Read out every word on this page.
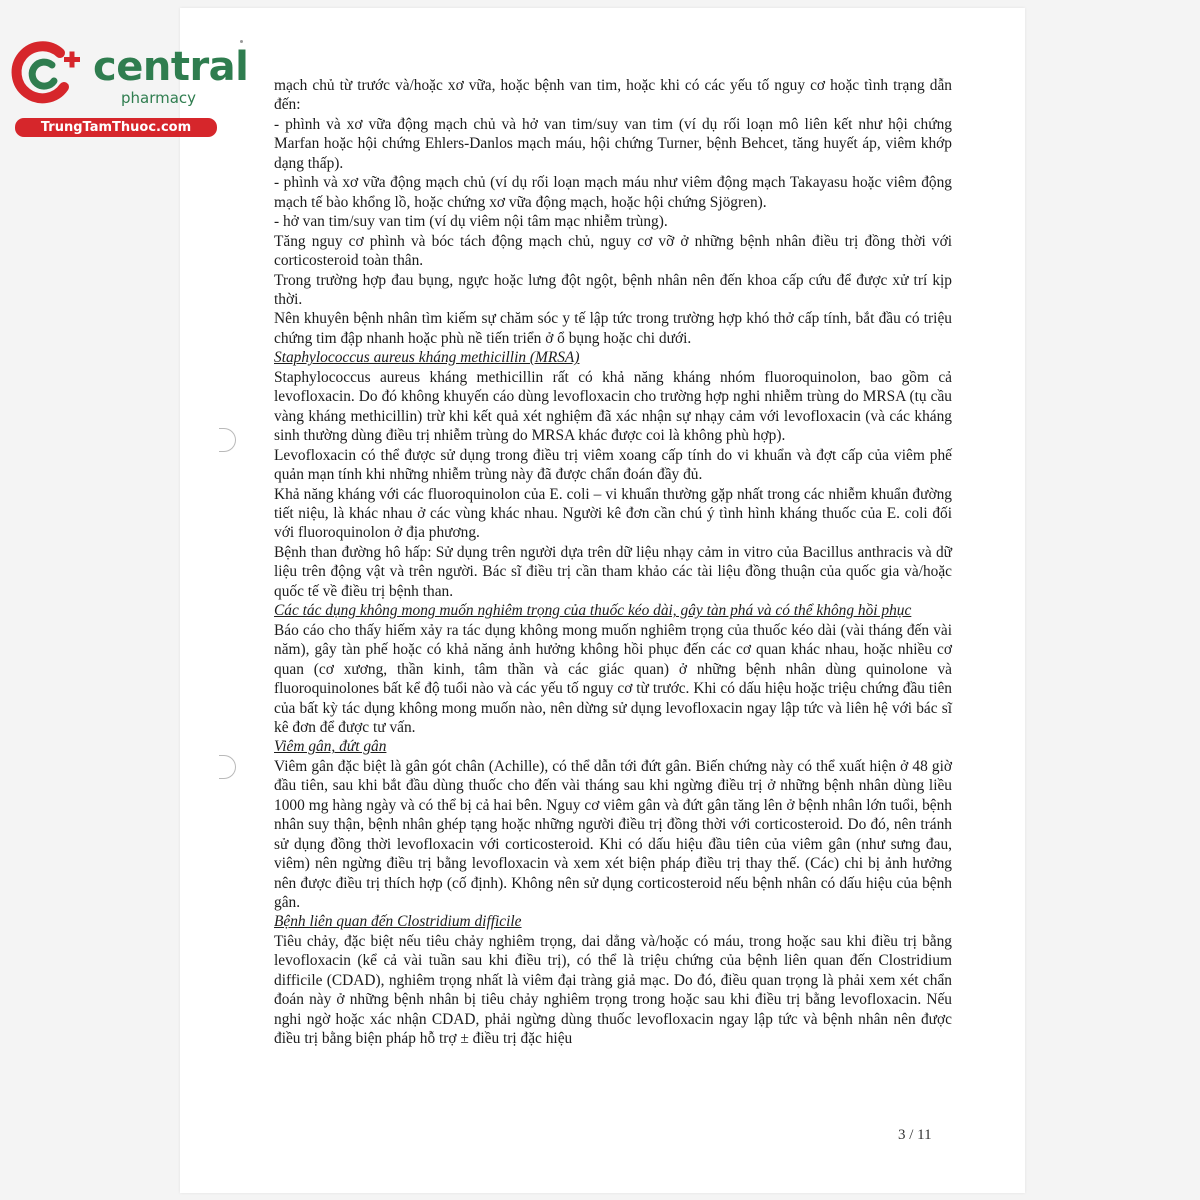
central
pharmacy
TrungTamThuoc.com

mạch chủ từ trước và/hoặc xơ vữa, hoặc bệnh van tim, hoặc khi có các yếu tố nguy cơ hoặc tình trạng dẫn đến:

- phình và xơ vữa động mạch chủ và hở van tim/suy van tim (ví dụ rối loạn mô liên kết như hội chứng Marfan hoặc hội chứng Ehlers-Danlos mạch máu, hội chứng Turner, bệnh Behcet, tăng huyết áp, viêm khớp dạng thấp).

- phình và xơ vữa động mạch chủ (ví dụ rối loạn mạch máu như viêm động mạch Takayasu hoặc viêm động mạch tế bào khổng lồ, hoặc chứng xơ vữa động mạch, hoặc hội chứng Sjögren).

- hở van tim/suy van tim (ví dụ viêm nội tâm mạc nhiễm trùng).

Tăng nguy cơ phình và bóc tách động mạch chủ, nguy cơ vỡ ở những bệnh nhân điều trị đồng thời với corticosteroid toàn thân.

Trong trường hợp đau bụng, ngực hoặc lưng đột ngột, bệnh nhân nên đến khoa cấp cứu để được xử trí kịp thời.

Nên khuyên bệnh nhân tìm kiếm sự chăm sóc y tế lập tức trong trường hợp khó thở cấp tính, bắt đầu có triệu chứng tim đập nhanh hoặc phù nề tiến triển ở ổ bụng hoặc chi dưới.

Staphylococcus aureus kháng methicillin (MRSA)

Staphylococcus aureus kháng methicillin rất có khả năng kháng nhóm fluoroquinolon, bao gồm cả levofloxacin. Do đó không khuyến cáo dùng levofloxacin cho trường hợp nghi nhiễm trùng do MRSA (tụ cầu vàng kháng methicillin) trừ khi kết quả xét nghiệm đã xác nhận sự nhạy cảm với levofloxacin (và các kháng sinh thường dùng điều trị nhiễm trùng do MRSA khác được coi là không phù hợp).

Levofloxacin có thể được sử dụng trong điều trị viêm xoang cấp tính do vi khuẩn và đợt cấp của viêm phế quản mạn tính khi những nhiễm trùng này đã được chẩn đoán đầy đủ.

Khả năng kháng với các fluoroquinolon của E. coli – vi khuẩn thường gặp nhất trong các nhiễm khuẩn đường tiết niệu, là khác nhau ở các vùng khác nhau. Người kê đơn cần chú ý tình hình kháng thuốc của E. coli đối với fluoroquinolon ở địa phương.

Bệnh than đường hô hấp: Sử dụng trên người dựa trên dữ liệu nhạy cảm in vitro của Bacillus anthracis và dữ liệu trên động vật và trên người. Bác sĩ điều trị cần tham khảo các tài liệu đồng thuận của quốc gia và/hoặc quốc tế về điều trị bệnh than.

Các tác dụng không mong muốn nghiêm trọng của thuốc kéo dài, gây tàn phá và có thể không hồi phục

Báo cáo cho thấy hiếm xảy ra tác dụng không mong muốn nghiêm trọng của thuốc kéo dài (vài tháng đến vài năm), gây tàn phế hoặc có khả năng ảnh hưởng không hồi phục đến các cơ quan khác nhau, hoặc nhiều cơ quan (cơ xương, thần kinh, tâm thần và các giác quan) ở những bệnh nhân dùng quinolone và fluoroquinolones bất kể độ tuổi nào và các yếu tố nguy cơ từ trước. Khi có dấu hiệu hoặc triệu chứng đầu tiên của bất kỳ tác dụng không mong muốn nào, nên dừng sử dụng levofloxacin ngay lập tức và liên hệ với bác sĩ kê đơn để được tư vấn.

Viêm gân, đứt gân

Viêm gân đặc biệt là gân gót chân (Achille), có thể dẫn tới đứt gân. Biến chứng này có thể xuất hiện ở 48 giờ đầu tiên, sau khi bắt đầu dùng thuốc cho đến vài tháng sau khi ngừng điều trị ở những bệnh nhân dùng liều 1000 mg hàng ngày và có thể bị cả hai bên. Nguy cơ viêm gân và đứt gân tăng lên ở bệnh nhân lớn tuổi, bệnh nhân suy thận, bệnh nhân ghép tạng hoặc những người điều trị đồng thời với corticosteroid. Do đó, nên tránh sử dụng đồng thời levofloxacin với corticosteroid. Khi có dấu hiệu đầu tiên của viêm gân (như sưng đau, viêm) nên ngừng điều trị bằng levofloxacin và xem xét biện pháp điều trị thay thế. (Các) chi bị ảnh hưởng nên được điều trị thích hợp (cố định). Không nên sử dụng corticosteroid nếu bệnh nhân có dấu hiệu của bệnh gân.

Bệnh liên quan đến Clostridium difficile

Tiêu chảy, đặc biệt nếu tiêu chảy nghiêm trọng, dai dẳng và/hoặc có máu, trong hoặc sau khi điều trị bằng levofloxacin (kể cả vài tuần sau khi điều trị), có thể là triệu chứng của bệnh liên quan đến Clostridium difficile (CDAD), nghiêm trọng nhất là viêm đại tràng giả mạc. Do đó, điều quan trọng là phải xem xét chẩn đoán này ở những bệnh nhân bị tiêu chảy nghiêm trọng trong hoặc sau khi điều trị bằng levofloxacin. Nếu nghi ngờ hoặc xác nhận CDAD, phải ngừng dùng thuốc levofloxacin ngay lập tức và bệnh nhân nên được điều trị bằng biện pháp hỗ trợ ± điều trị đặc hiệu

3 / 11
